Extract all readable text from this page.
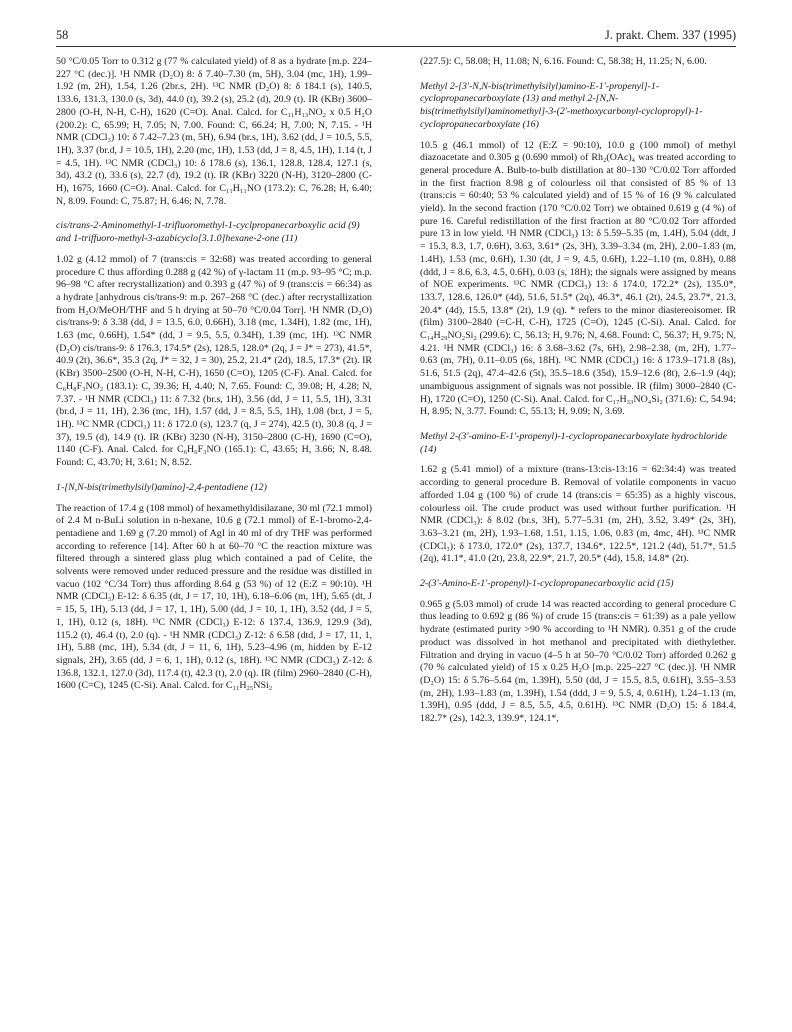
58	J. prakt. Chem. 337 (1995)

50 °C/0.05 Torr to 0.312 g (77 % calculated yield) of 8 as a hydrate [m.p. 224–227 °C (dec.)]. ¹H NMR (D₂O) 8: δ 7.40–7.30 (m, 5H), 3.04 (mc, 1H), 1.99–1.92 (m, 2H), 1.54, 1.26 (2br.s, 2H). ¹³C NMR (D₂O) 8: δ 184.1 (s), 140.5, 133.6, 131.3, 130.0 (s, 3d), 44.0 (t), 39.2 (s), 25.2 (d), 20.9 (t). IR (KBr) 3600–2800 (O-H, N-H, C-H), 1620 (C=O). Anal. Calcd. for C₁₁H₁₃NO₂ x 0.5 H₂O (200.2): C, 65.99; H, 7.05; N, 7.00. Found: C, 66.24; H, 7.00; N, 7.15. - ¹H NMR (CDCl₃) 10: δ 7.42–7.23 (m, 5H), 6.94 (br.s, 1H), 3.62 (dd, J = 10.5, 5.5, 1H), 3.37 (br.d, J = 10.5, 1H), 2.20 (mc, 1H), 1.53 (dd, J = 8, 4.5, 1H), 1.14 (t, J = 4.5, 1H). ¹³C NMR (CDCl₃) 10: δ 178.6 (s), 136.1, 128.8, 128.4, 127.1 (s, 3d), 43.2 (t), 33.6 (s), 22.7 (d), 19.2 (t). IR (KBr) 3220 (N-H), 3120–2800 (C-H), 1675, 1660 (C=O). Anal. Calcd. for C₁₁H₁₁NO (173.2): C, 76.28; H, 6.40; N, 8.09. Found: C, 75.87; H, 6.46; N, 7.78.

cis/trans-2-Aminomethyl-1-trifluoromethyl-1-cyclpropanecarboxylic acid (9) and 1-triffuoro-methyl-3-azabicyclo[3.1.0]hexane-2-one (11)

1.02 g (4.12 mmol) of 7 (trans:cis = 32:68) was treated according to general procedure C thus affording 0.288 g (42 %) of γ-lactam 11 (m.p. 93–95 °C; m.p. 96–98 °C after recrystallization) and 0.393 g (47 %) of 9 (trans:cis = 66:34) as a hydrate [anhydrous cis/trans-9: m.p. 267–268 °C (dec.) after recrystallization from H₂O/MeOH/THF and 5 h drying at 50–70 °C/0.04 Torr]. ¹H NMR (D₂O) cis/trans-9: δ 3.38 (dd, J = 13.5, 6.0, 0.66H), 3.18 (mc, 1.34H), 1.82 (mc, 1H), 1.63 (mc, 0.66H), 1.54* (dd, J = 9.5, 5.5, 0.34H), 1.39 (mc, 1H). ¹³C NMR (D₂O) cis/trans-9: δ 176.3, 174.5* (2s), 128.5, 128.0* (2q, J = J* = 273), 41.5*, 40.9 (2t), 36.6*, 35.3 (2q, J* = 32, J = 30), 25.2, 21.4* (2d), 18.5, 17.3* (2t). IR (KBr) 3500–2500 (O-H, N-H, C-H), 1650 (C=O), 1205 (C-F). Anal. Calcd. for C₆H₈F₃NO₂ (183.1): C, 39.36; H, 4.40; N, 7.65. Found: C, 39.08; H, 4.28; N, 7.37. - ¹H NMR (CDCl₃) 11: δ 7.32 (br.s, 1H), 3.56 (dd, J = 11, 5.5, 1H), 3.31 (br.d, J = 11, 1H), 2.36 (mc, 1H), 1.57 (dd, J = 8.5, 5.5, 1H), 1.08 (br.t, J = 5, 1H). ¹³C NMR (CDCl₃) 11: δ 172.0 (s), 123.7 (q, J = 274), 42.5 (t), 30.8 (q, J = 37), 19.5 (d), 14.9 (t). IR (KBr) 3230 (N-H), 3150–2800 (C-H), 1690 (C=O), 1140 (C-F). Anal. Calcd. for C₆H₆F₃NO (165.1): C, 43.65; H, 3.66; N, 8.48. Found: C, 43.70; H, 3.61; N, 8.52.

1-[N,N-bis(trimethylsilyl)amino]-2,4-pentadiene (12)

The reaction of 17.4 g (108 mmol) of hexamethyldisilazane, 30 ml (72.1 mmol) of 2.4 M n-BuLi solution in n-hexane, 10.6 g (72.1 mmol) of E-1-bromo-2,4-pentadiene and 1.69 g (7.20 mmol) of AgI in 40 ml of dry THF was performed according to reference [14]. After 60 h at 60–70 °C the reaction mixture was filtered through a sintered glass plug which contained a pad of Celite, the solvents were removed under reduced pressure and the residue was distilled in vacuo (102 °C/34 Torr) thus affording 8.64 g (53 %) of 12 (E:Z = 90:10). ¹H NMR (CDCl₃) E-12: δ 6.35 (dt, J = 17, 10, 1H), 6.18–6.06 (m, 1H), 5.65 (dt, J = 15, 5, 1H), 5.13 (dd, J = 17, 1, 1H), 5.00 (dd, J = 10, 1, 1H), 3.52 (dd, J = 5, 1, 1H), 0.12 (s, 18H). ¹³C NMR (CDCl₃) E-12: δ 137.4, 136.9, 129.9 (3d), 115.2 (t), 46.4 (t), 2.0 (q). - ¹H NMR (CDCl₃) Z-12: δ 6.58 (dtd, J = 17, 11, 1, 1H), 5.88 (mc, 1H), 5.34 (dt, J = 11, 6, 1H), 5.23–4.96 (m, hidden by E-12 signals, 2H), 3.65 (dd, J = 6, 1, 1H), 0.12 (s, 18H). ¹³C NMR (CDCl₃) Z-12: δ 136.8, 132.1, 127.0 (3d), 117.4 (t), 42.3 (t), 2.0 (q). IR (film) 2960–2840 (C-H), 1600 (C=C), 1245 (C-Si). Anal. Calcd. for C₁₁H₂₅NSi₂

(227.5): C, 58.08; H, 11.08; N, 6.16. Found: C, 58.38; H, 11.25; N, 6.00.

Methyl 2-[3'-N,N-bis(trimethylsilyl)amino-E-1'-propenyl]-1-cyclopropanecarboxylate (13) and methyl 2-[N,N-bis(trimethylsilyl)aminomethyl]-3-(2'-methoxycarbonyl-cyclopropyl)-1-cyclopropanecarboxylate (16)

10.5 g (46.1 mmol) of 12 (E:Z = 90:10), 10.0 g (100 mmol) of methyl diazoacetate and 0.305 g (0.690 mmol) of Rh₂(OAc)₄ was treated according to general procedure A. Bulb-to-bulb distillation at 80–130 °C/0.02 Torr afforded in the first fraction 8.98 g of colourless oil that consisted of 85 % of 13 (trans:cis = 60:40; 53 % calculated yield) and of 15 % of 16 (9 % calculated yield). In the second fraction (170 °C/0.02 Torr) we obtained 0.619 g (4 %) of pure 16. Careful redistillation of the first fraction at 80 °C/0.02 Torr afforded pure 13 in low yield. ¹H NMR (CDCl₃) 13: δ 5.59–5.35 (m, 1.4H), 5.04 (ddt, J = 15.3, 8.3, 1.7, 0.6H), 3.63, 3.61* (2s, 3H), 3.39–3.34 (m, 2H), 2.00–1.83 (m, 1.4H), 1.53 (mc, 0.6H), 1.30 (dt, J = 9, 4.5, 0.6H), 1.22–1.10 (m, 0.8H), 0.88 (ddd, J = 8.6, 6.3, 4.5, 0.6H), 0.03 (s, 18H); the signals were assigned by means of NOE experiments. ¹³C NMR (CDCl₃) 13: δ 174.0, 172.2* (2s), 135.0*, 133.7, 128.6, 126.0* (4d), 51.6, 51.5* (2q), 46.3*, 46.1 (2t), 24.5, 23.7*, 21.3, 20.4* (4d), 15.5, 13.8* (2t), 1.9 (q). * refers to the minor diastereoisomer. IR (film) 3100–2840 (=C-H, C-H), 1725 (C=O), 1245 (C-Si). Anal. Calcd. for C₁₄H₂₉NO₂Si₂ (299.6): C, 56.13; H, 9.76; N, 4.68. Found: C, 56.37; H, 9.75; N, 4.21. ¹H NMR (CDCl₃) 16: δ 3.68–3.62 (7s, 6H), 2.98–2.38, (m, 2H), 1.77–0.63 (m, 7H), 0.11–0.05 (6s, 18H). ¹³C NMR (CDCl₃) 16: δ 173.9–171.8 (8s), 51.6, 51.5 (2q), 47.4–42.6 (5t), 35.5–18.6 (35d), 15.9–12.6 (8t), 2.6–1.9 (4q); unambiguous assignment of signals was not possible. IR (film) 3000–2840 (C-H), 1720 (C=O), 1250 (C-Si). Anal. Calcd. for C₁₇H₃₃NO₄Si₂ (371.6): C, 54.94; H, 8.95; N, 3.77. Found: C, 55.13; H, 9.09; N, 3.69.

Methyl 2-(3'-amino-E-1'-propenyl)-1-cyclopropanecarboxylate hydrochloride (14)

1.62 g (5.41 mmol) of a mixture (trans-13:cis-13:16 = 62:34:4) was treated according to general procedure B. Removal of volatile components in vacuo afforded 1.04 g (100 %) of crude 14 (trans:cis = 65:35) as a highly viscous, colourless oil. The crude product was used without further purification. ¹H NMR (CDCl₃): δ 8.02 (br.s, 3H), 5.77–5.31 (m, 2H), 3.52, 3.49* (2s, 3H), 3.63–3.21 (m, 2H), 1.93–1.68, 1.51, 1.15, 1.06, 0.83 (m, 4mc, 4H). ¹³C NMR (CDCl₃): δ 173.0, 172.0* (2s), 137.7, 134.6*, 122.5*, 121.2 (4d), 51.7*, 51.5 (2q), 41.1*, 41.0 (2t), 23.8, 22.9*, 21.7, 20.5* (4d), 15.8, 14.8* (2t).

2-(3'-Amino-E-1'-propenyl)-1-cyclopropanecarboxylic acid (15)

0.965 g (5.03 mmol) of crude 14 was reacted according to general procedure C thus leading to 0.692 g (86 %) of crude 15 (trans:cis = 61:39) as a pale yellow hydrate (estimated purity >90 % according to ¹H NMR). 0.351 g of the crude product was dissolved in hot methanol and precipitated with diethylether. Filtration and drying in vacuo (4–5 h at 50–70 °C/0.02 Torr) afforded 0.262 g (70 % calculated yield) of 15 x 0.25 H₂O [m.p. 225–227 °C (dec.)]. ¹H NMR (D₂O) 15: δ 5.76–5.64 (m, 1.39H), 5.50 (dd, J = 15.5, 8.5, 0.61H), 3.55–3.53 (m, 2H), 1.93–1.83 (m, 1.39H), 1.54 (ddd, J = 9, 5.5, 4, 0.61H), 1.24–1.13 (m, 1.39H), 0.95 (ddd, J = 8.5, 5.5, 4.5, 0.61H). ¹³C NMR (D₂O) 15: δ 184.4, 182.7* (2s), 142.3, 139.9*, 124.1*,
